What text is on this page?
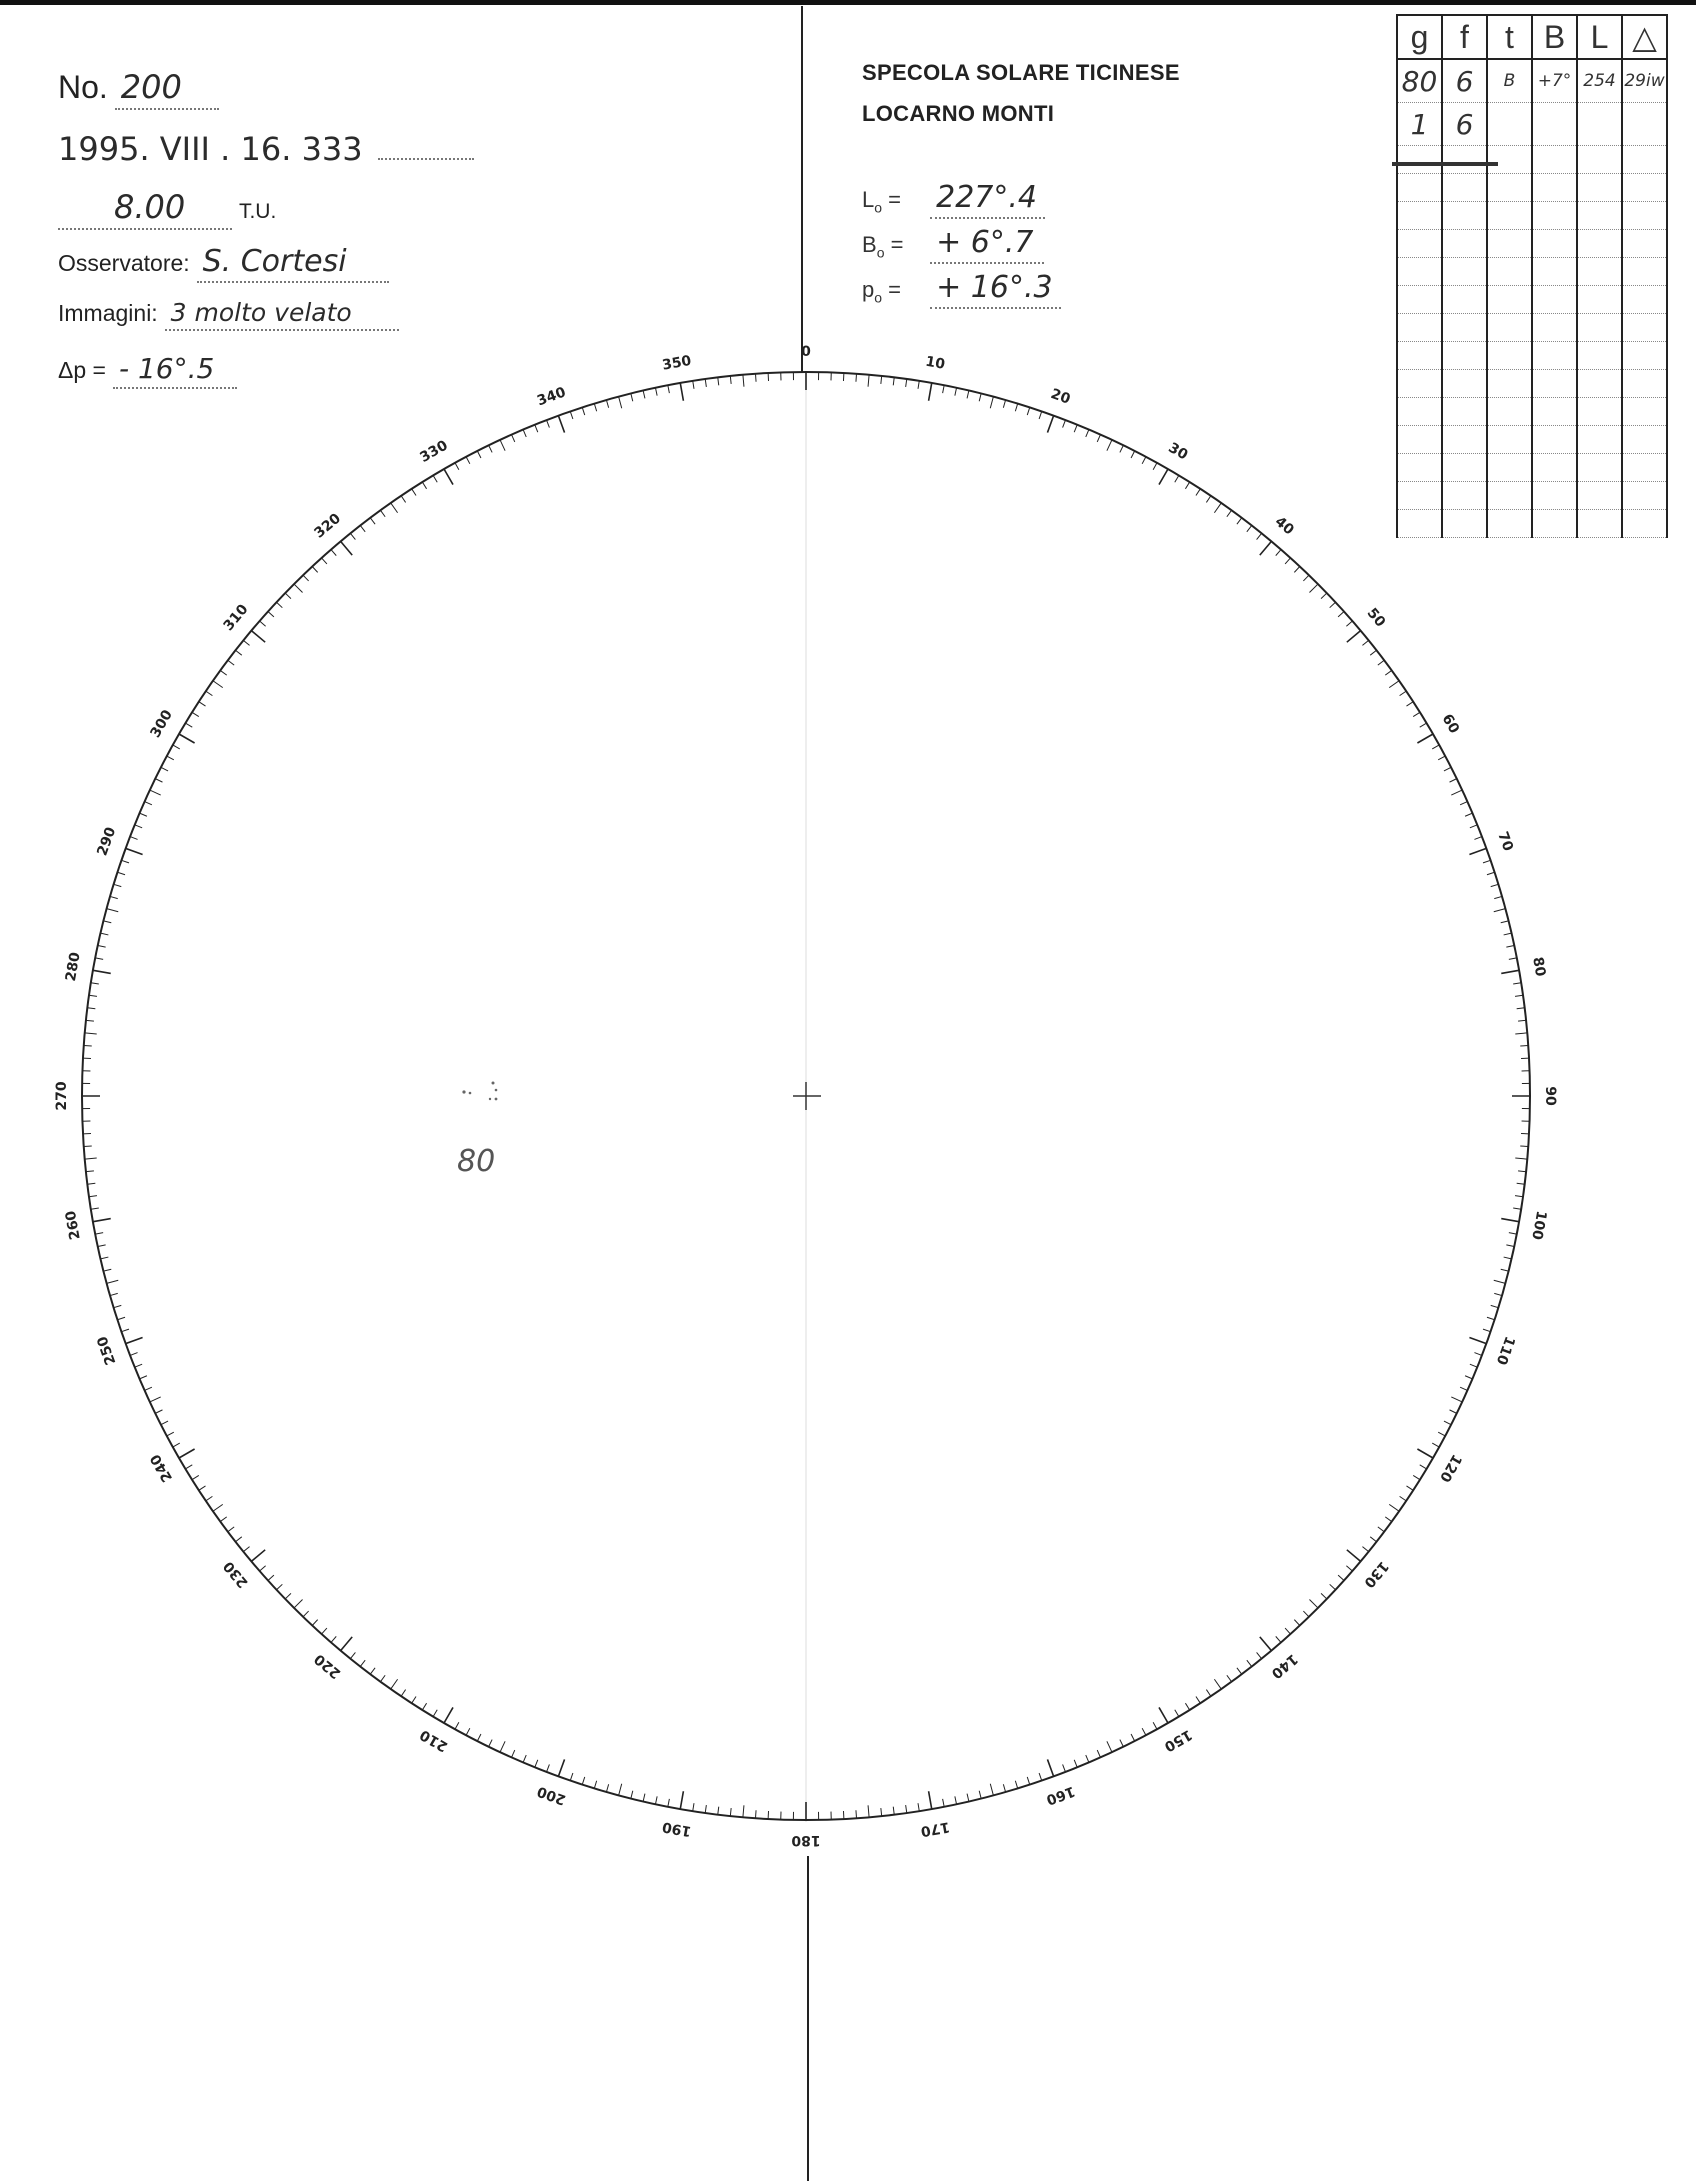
No. 200
1995. VIII . 16. 333
8.00	T.U.
Osservatore: S. Cortesi
Immagini: 3 molto velato
Δp = - 16°.5
SPECOLA SOLARE TICINESE
LOCARNO MONTI
$L_o = 227^\circ.4$
$B_o$ = + 6°.7
$p_o$ = + 16°.3
g	f	t	B	L	△
80	6	B	+7°	254	29iw
1	6				

0
10
20
30
40
50
60
70
80
90
100
110
120
130
140
150
160
170
180
190
200
210
220
230
240
250
260
270
280
290
300
310
320
330
340
350
80
